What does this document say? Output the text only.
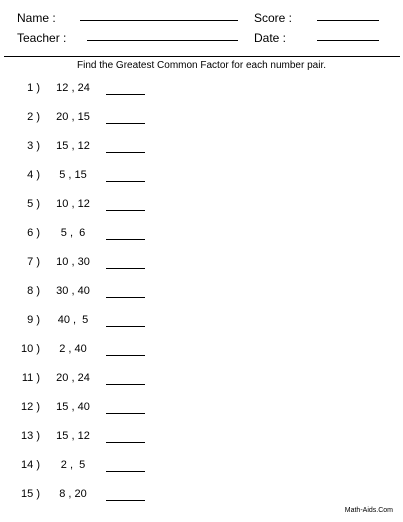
Name :	Score :
Teacher :	Date :
Find the Greatest Common Factor for each number pair.
1 )	12 , 24
2 )	20 , 15
3 )	15 , 12
4 )	5 , 15
5 )	10 , 12
6 )	5 ,  6
7 )	10 , 30
8 )	30 , 40
9 )	40 ,  5
10 )	2 , 40
11 )	20 , 24
12 )	15 , 40
13 )	15 , 12
14 )	2 ,  5
15 )	8 , 20
Math-Aids.Com
